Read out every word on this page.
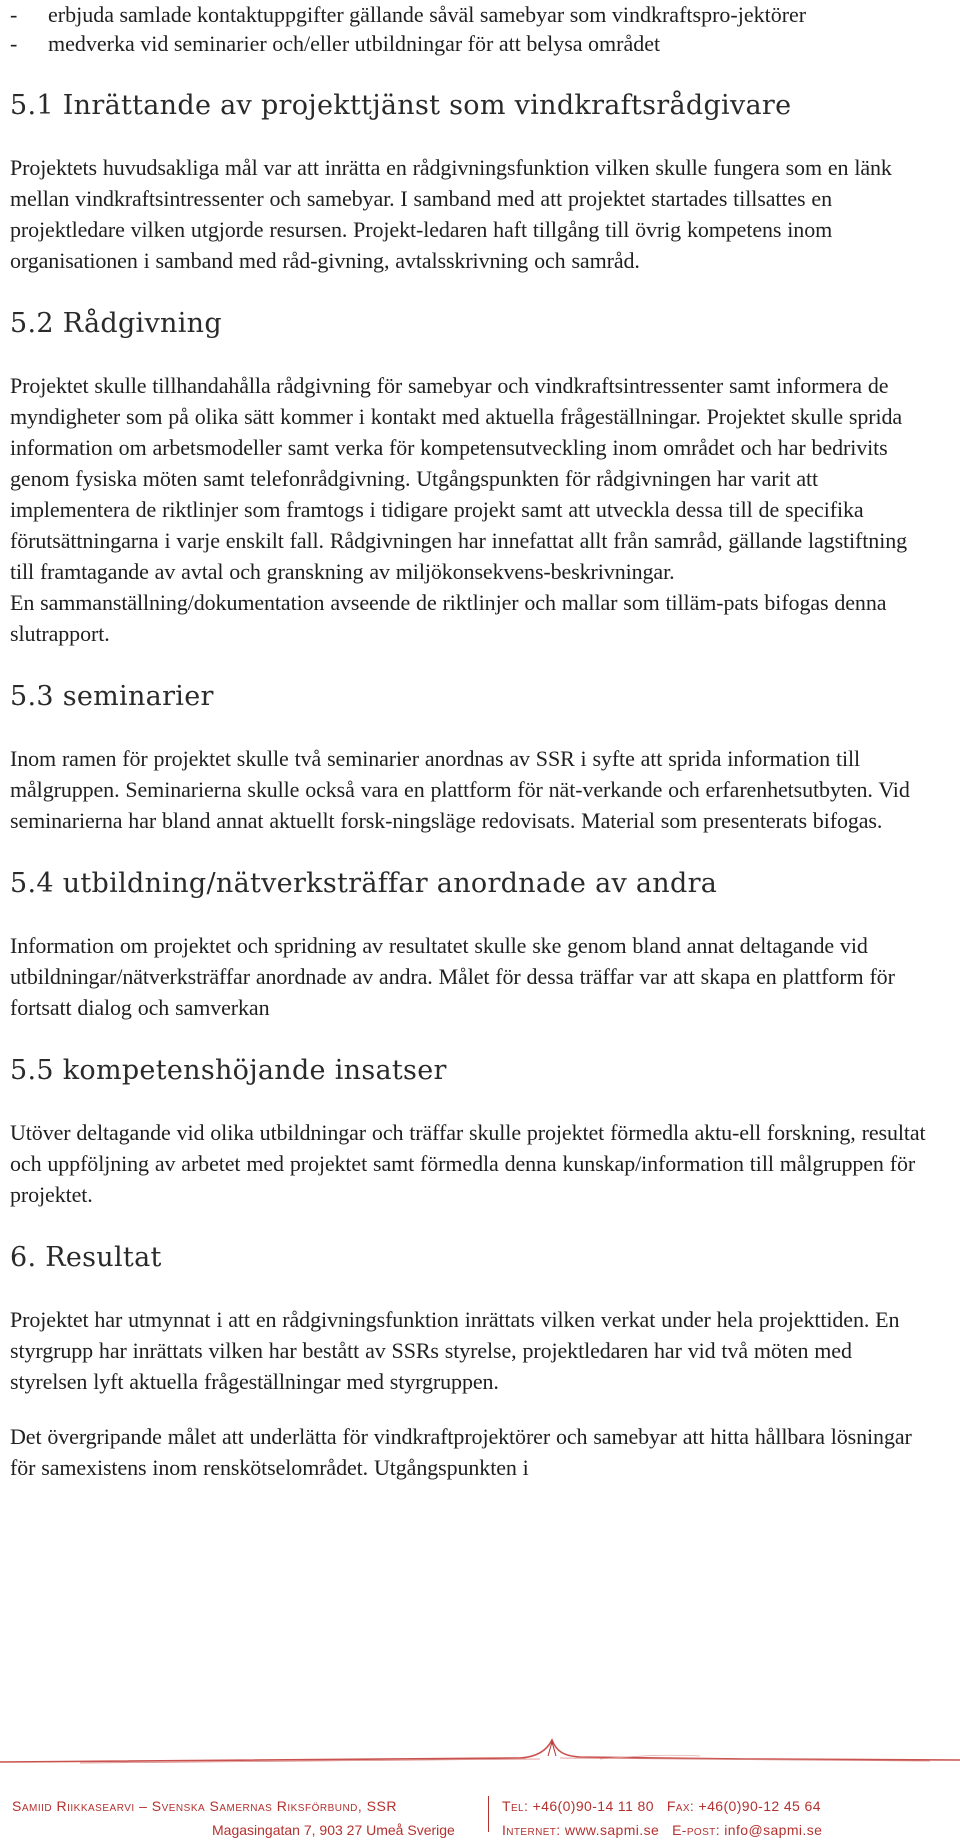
-	erbjuda samlade kontaktuppgifter gällande såväl samebyar som vindkraftspro-jektörer
-	medverka vid seminarier och/eller utbildningar för att belysa området
5.1 Inrättande av projekttjänst som vindkraftsrådgivare

Projektets huvudsakliga mål var att inrätta en rådgivningsfunktion vilken skulle fungera som en länk mellan vindkraftsintressenter och samebyar. I samband med att projektet startades tillsattes en projektledare vilken utgjorde resursen. Projekt-ledaren haft tillgång till övrig kompetens inom organisationen i samband med råd-givning, avtalsskrivning och samråd.

5.2 Rådgivning

Projektet skulle tillhandahålla rådgivning för samebyar och vindkraftsintressenter samt informera de myndigheter som på olika sätt kommer i kontakt med aktuella frågeställningar. Projektet skulle sprida information om arbetsmodeller samt verka för kompetensutveckling inom området och har bedrivits genom fysiska möten samt telefonrådgivning. Utgångspunkten för rådgivningen har varit att implementera de riktlinjer som framtogs i tidigare projekt samt att utveckla dessa till de specifika förutsättningarna i varje enskilt fall. Rådgivningen har innefattat allt från samråd, gällande lagstiftning till framtagande av avtal och granskning av miljökonsekvens-beskrivningar.

En sammanställning/dokumentation avseende de riktlinjer och mallar som tilläm-pats bifogas denna slutrapport.

5.3 seminarier

Inom ramen för projektet skulle två seminarier anordnas av SSR i syfte att sprida information till målgruppen. Seminarierna skulle också vara en plattform för nät-verkande och erfarenhetsutbyten. Vid seminarierna har bland annat aktuellt forsk-ningsläge redovisats. Material som presenterats bifogas.

5.4 utbildning/nätverksträffar anordnade av andra

Information om projektet och spridning av resultatet skulle ske genom bland annat deltagande vid utbildningar/nätverksträffar anordnade av andra. Målet för dessa träffar var att skapa en plattform för fortsatt dialog och samverkan

5.5 kompetenshöjande insatser

Utöver deltagande vid olika utbildningar och träffar skulle projektet förmedla aktu-ell forskning, resultat och uppföljning av arbetet med projektet samt förmedla denna kunskap/information till målgruppen för projektet.

6. Resultat

Projektet har utmynnat i att en rådgivningsfunktion inrättats vilken verkat under hela projekttiden. En styrgrupp har inrättats vilken har bestått av SSRs styrelse, projektledaren har vid två möten med styrelsen lyft aktuella frågeställningar med styrgruppen.

Det övergripande målet att underlätta för vindkraftprojektörer och samebyar att hitta hållbara lösningar för samexistens inom renskötselområdet. Utgångspunkten i

Samiid Riikkasearvi – Svenska Samernas Riksförbund, SSR
Magasingatan 7, 903 27 Umeå Sverige
Tel: +46(0)90-14 11 80 Fax: +46(0)90-12 45 64
Internet: www.sapmi.se E-post: info@sapmi.se
